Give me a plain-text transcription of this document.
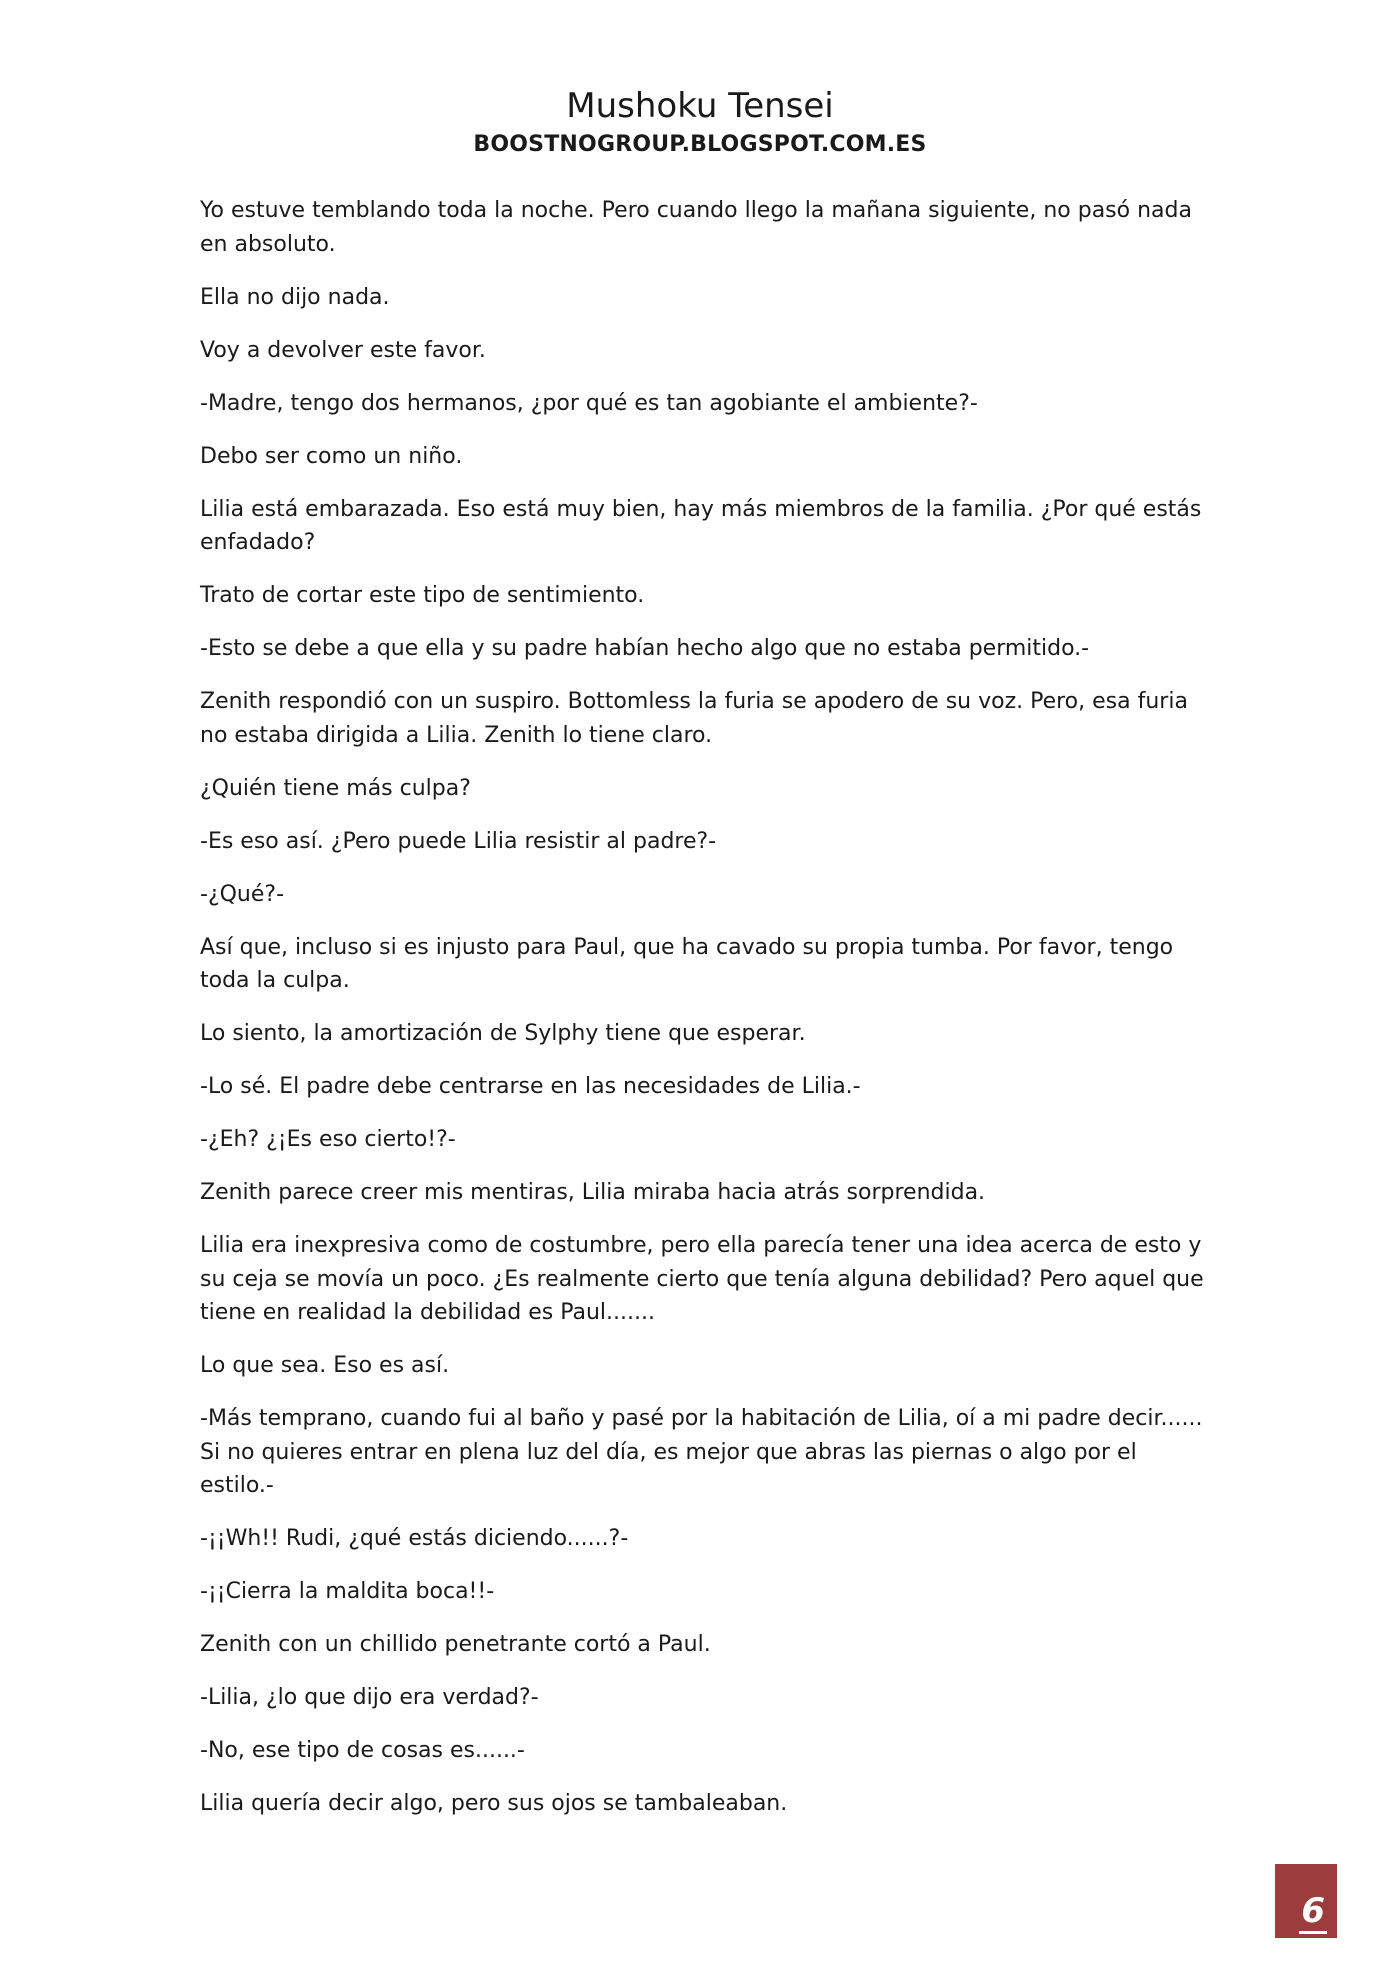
Mushoku Tensei
BOOSTNOGROUP.BLOGSPOT.COM.ES

Yo estuve temblando toda la noche. Pero cuando llego la mañana siguiente, no pasó nada en absoluto.

Ella no dijo nada.

Voy a devolver este favor.

-Madre, tengo dos hermanos, ¿por qué es tan agobiante el ambiente?-

Debo ser como un niño.

Lilia está embarazada. Eso está muy bien, hay más miembros de la familia. ¿Por qué estás enfadado?

Trato de cortar este tipo de sentimiento.

-Esto se debe a que ella y su padre habían hecho algo que no estaba permitido.-

Zenith respondió con un suspiro. Bottomless la furia se apodero de su voz. Pero, esa furia no estaba dirigida a Lilia. Zenith lo tiene claro.

¿Quién tiene más culpa?

-Es eso así. ¿Pero puede Lilia resistir al padre?-

-¿Qué?-

Así que, incluso si es injusto para Paul, que ha cavado su propia tumba. Por favor, tengo toda la culpa.

Lo siento, la amortización de Sylphy tiene que esperar.

-Lo sé. El padre debe centrarse en las necesidades de Lilia.-

-¿Eh? ¿¡Es eso cierto!?-

Zenith parece creer mis mentiras, Lilia miraba hacia atrás sorprendida.

Lilia era inexpresiva como de costumbre, pero ella parecía tener una idea acerca de esto y su ceja se movía un poco. ¿Es realmente cierto que tenía alguna debilidad? Pero aquel que tiene en realidad la debilidad es Paul.......

Lo que sea. Eso es así.

-Más temprano, cuando fui al baño y pasé por la habitación de Lilia, oí a mi padre decir...... Si no quieres entrar en plena luz del día, es mejor que abras las piernas o algo por el estilo.-

-¡¡Wh!! Rudi, ¿qué estás diciendo......?-

-¡¡Cierra la maldita boca!!-

Zenith con un chillido penetrante cortó a Paul.

-Lilia, ¿lo que dijo era verdad?-

-No, ese tipo de cosas es......-

Lilia quería decir algo, pero sus ojos se tambaleaban.

6
